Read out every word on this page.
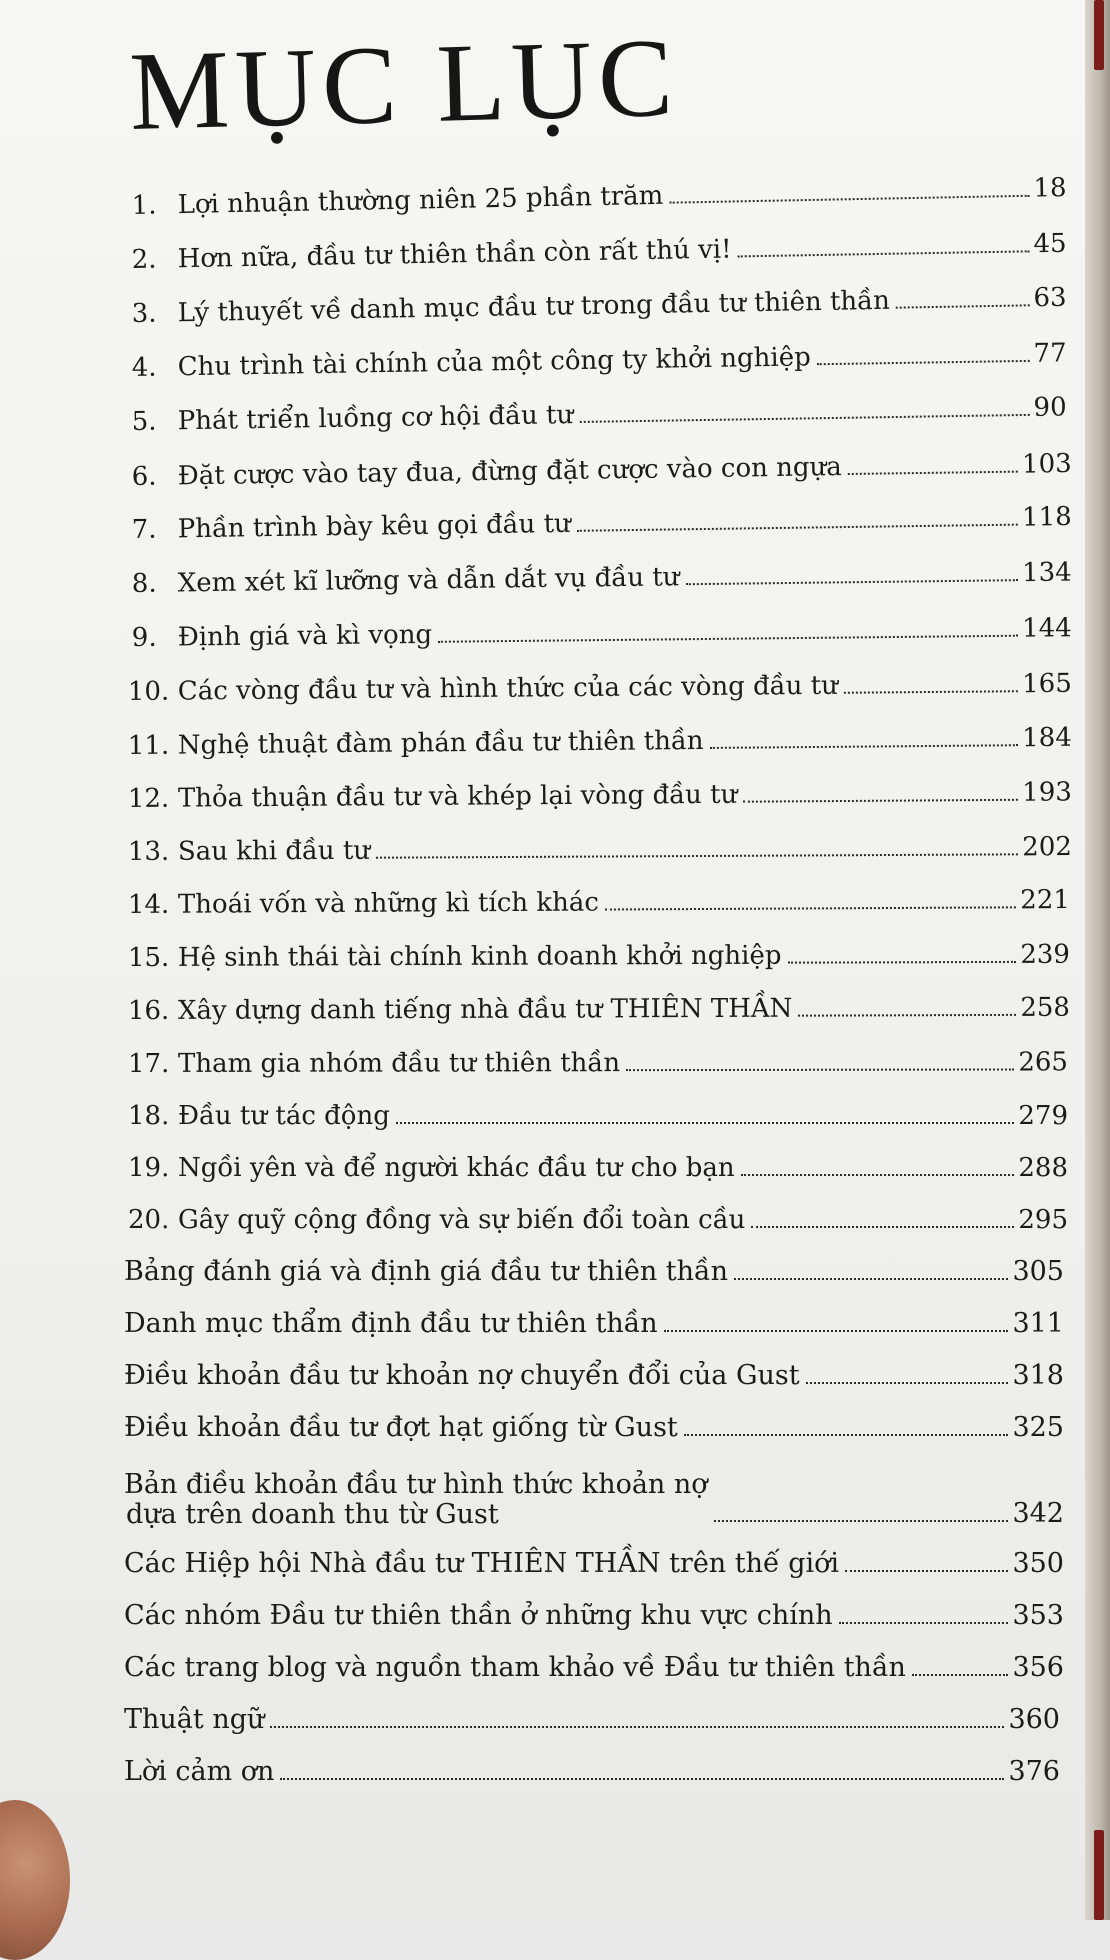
MỤC LỤC
1. Lợi nhuận thường niên 25 phần trăm	18
2. Hơn nữa, đầu tư thiên thần còn rất thú vị!	45
3. Lý thuyết về danh mục đầu tư trong đầu tư thiên thần	63
4. Chu trình tài chính của một công ty khởi nghiệp	77
5. Phát triển luồng cơ hội đầu tư	90
6. Đặt cược vào tay đua, đừng đặt cược vào con ngựa	103
7. Phần trình bày kêu gọi đầu tư	118
8. Xem xét kĩ lưỡng và dẫn dắt vụ đầu tư	134
9. Định giá và kì vọng	144
10. Các vòng đầu tư và hình thức của các vòng đầu tư	165
11. Nghệ thuật đàm phán đầu tư thiên thần	184
12. Thỏa thuận đầu tư và khép lại vòng đầu tư	193
13. Sau khi đầu tư	202
14. Thoái vốn và những kì tích khác	221
15. Hệ sinh thái tài chính kinh doanh khởi nghiệp	239
16. Xây dựng danh tiếng nhà đầu tư THIÊN THẦN	258
17. Tham gia nhóm đầu tư thiên thần	265
18. Đầu tư tác động	279
19. Ngồi yên và để người khác đầu tư cho bạn	288
20. Gây quỹ cộng đồng và sự biến đổi toàn cầu	295
Bảng đánh giá và định giá đầu tư thiên thần	305
Danh mục thẩm định đầu tư thiên thần	311
Điều khoản đầu tư khoản nợ chuyển đổi của Gust	318
Điều khoản đầu tư đợt hạt giống từ Gust	325
Bản điều khoản đầu tư hình thức khoản nợ
dựa trên doanh thu từ Gust	342
Các Hiệp hội Nhà đầu tư THIÊN THẦN trên thế giới	350
Các nhóm Đầu tư thiên thần ở những khu vực chính	353
Các trang blog và nguồn tham khảo về Đầu tư thiên thần	356
Thuật ngữ	360
Lời cảm ơn	376
